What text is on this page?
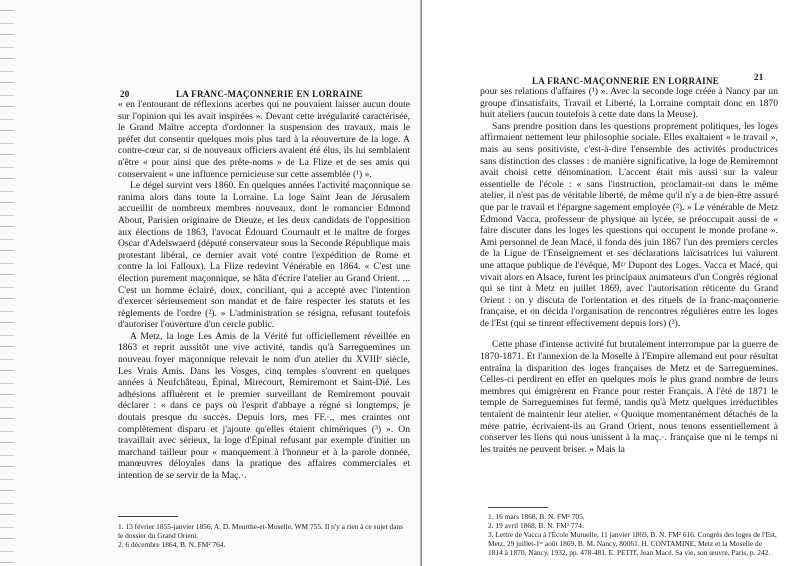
20	LA FRANC-MAÇONNERIE EN LORRAINE

« en l'entourant de réflexions acerbes qui ne pouvaient laisser aucun doute sur l'opinion qui les avait inspirées ». Devant cette irrégularité caractérisée, le Grand Maître accepta d'ordonner la suspension des travaux, mais le préfet dut consentir quelques mois plus tard à la réouverture de la loge. A contre-cœur car, si de nouveaux officiers avaient été élus, ils lui semblaient n'être « pour ainsi que des prête-noms » de La Flize et de ses amis qui conservaient « une influence pernicieuse sur cette assemblée (¹) ».

Le dégel survint vers 1860. En quelques années l'activité maçonnique se ranima alors dans toute la Lorraine. La loge Saint Jean de Jérusalem accueillit de nombreux membres nouveaux, dont le romancier Edmond About, Parisien originaire de Dieuze, et les deux candidats de l'opposition aux élections de 1863, l'avocat Édouard Cournault et le maître de forges Oscar d'Adelswaerd (député conservateur sous la Seconde République mais protestant libéral, ce dernier avait voté contre l'expédition de Rome et contre la loi Falloux). La Flize redevint Vénérable en 1864. « C'est une élection purement maçonnique, se hâta d'écrire l'atelier au Grand Orient. ... C'est un homme éclairé, doux, conciliant, qui a accepté avec l'intention d'exercer sérieusement son mandat et de faire respecter les statuts et les règlements de l'ordre (²). » L'administration se résigna, refusant toutefois d'autoriser l'ouverture d'un cercle public.

A Metz, la loge Les Amis de la Vérité fut officiellement réveillée en 1863 et reprit aussitôt une vive activité, tandis qu'à Sarreguemines un nouveau foyer maçonnique relevait le nom d'un atelier du XVIIIᵉ siècle, Les Vrais Amis. Dans les Vosges, cinq temples s'ouvrent en quelques années à Neufchâteau, Épinal, Mirecourt, Remiremont et Saint-Dié. Les adhésions affluèrent et le premier surveillant de Remiremont pouvait déclarer : « dans ce pays où l'esprit d'abbaye a régné si longtemps, je doutais presque du succès. Depuis lors, mes FF.·., mes craintes ont complètement disparu et j'ajoute qu'elles étaient chimériques (³) ». On travaillait avec sérieux, la loge d'Épinal refusant par exemple d'initier un marchand tailleur pour « manquement à l'honneur et à la parole donnée, manœuvres déloyales dans la pratique des affaires commerciales et intention de se servir de la Maç.·.

1. 13 février 1855-janvier 1856, A. D. Meurthe-et-Moselle, WM 755. Il n'y a rien à ce sujet dans le dossier du Grand Orient.
2. 6 décembre 1864, B. N. FM² 764.
LA FRANC-MAÇONNERIE EN LORRAINE	21

pour ses relations d'affaires (¹) ». Avec la seconde loge créée à Nancy par un groupe d'insatisfaits, Travail et Liberté, la Lorraine comptait donc en 1870 huit ateliers (aucun toutefois à cette date dans la Meuse).

Sans prendre position dans les questions proprement politiques, les loges affirmaient nettement leur philosophie sociale. Elles exaltaient « le travail », mais au sens positiviste, c'est-à-dire l'ensemble des activités productrices sans distinction des classes : de manière significative, la loge de Remiremont avait choisi cette dénomination. L'accent était mis aussi sur la valeur essentielle de l'école : « sans l'instruction, proclamait-on dans le même atelier, il n'est pas de véritable liberté, de même qu'il n'y a de bien-être assuré que par le travail et l'épargne sagement employée (²). » Le vénérable de Metz Edmond Vacca, professeur de physique au lycée, se préoccupait aussi de « faire discuter dans les loges les questions qui occupent le monde profane ». Ami personnel de Jean Macé, il fonda dès juin 1867 l'un des premiers cercles de la Ligue de l'Enseignement et ses déclarations laïcisatrices lui valurent une attaque publique de l'évêque, Mᵍʳ Dupont des Loges. Vacca et Macé, qui vivait alors en Alsace, furent les principaux animateurs d'un Congrès régional qui se tint à Metz en juillet 1869, avec l'autorisation réticente du Grand Orient : on y discuta de l'orientation et des rituels de la franc-maçonnerie française, et on décida l'organisation de rencontres régulières entre les loges de l'Est (qui se tinrent effectivement depuis lors) (³).

Cette phase d'intense activité fut brutalement interrompue par la guerre de 1870-1871. Et l'annexion de la Moselle à l'Empire allemand eut pour résultat entraîna la disparition des loges françaises de Metz et de Sarreguemines. Celles-ci perdirent en effet en quelques mois le plus grand nombre de leurs membres qui émigrèrent en France pour rester Français. A l'été de 1871 le temple de Sarreguemines fut fermé, tandis qu'à Metz quelques irréductibles tentaient de maintenir leur atelier. « Quoique momentanément détachés de la mère patrie, écrivaient-ils au Grand Orient, nous tenons essentiellement à conserver les liens qui nous unissent à la maç.·. française que ni le temps ni les traités ne peuvent briser. » Mais la

1. 16 mars 1868, B. N. FM² 705.
2. 19 avril 1868, B. N. FM² 774.
3. Lettre de Vacca à l'École Mutuelle, 11 janvier 1869, B. N. FM² 616. Congrès des loges de l'Est, Metz, 29 juillet-1ᵉʳ août 1869, B. M. Nancy, 80061. H. CONTAMINE, Metz et la Moselle de 1814 à 1870, Nancy, 1932, pp. 478-481. E. PETIT, Jean Macé. Sa vie, son œuvre, Paris, p. 242.
